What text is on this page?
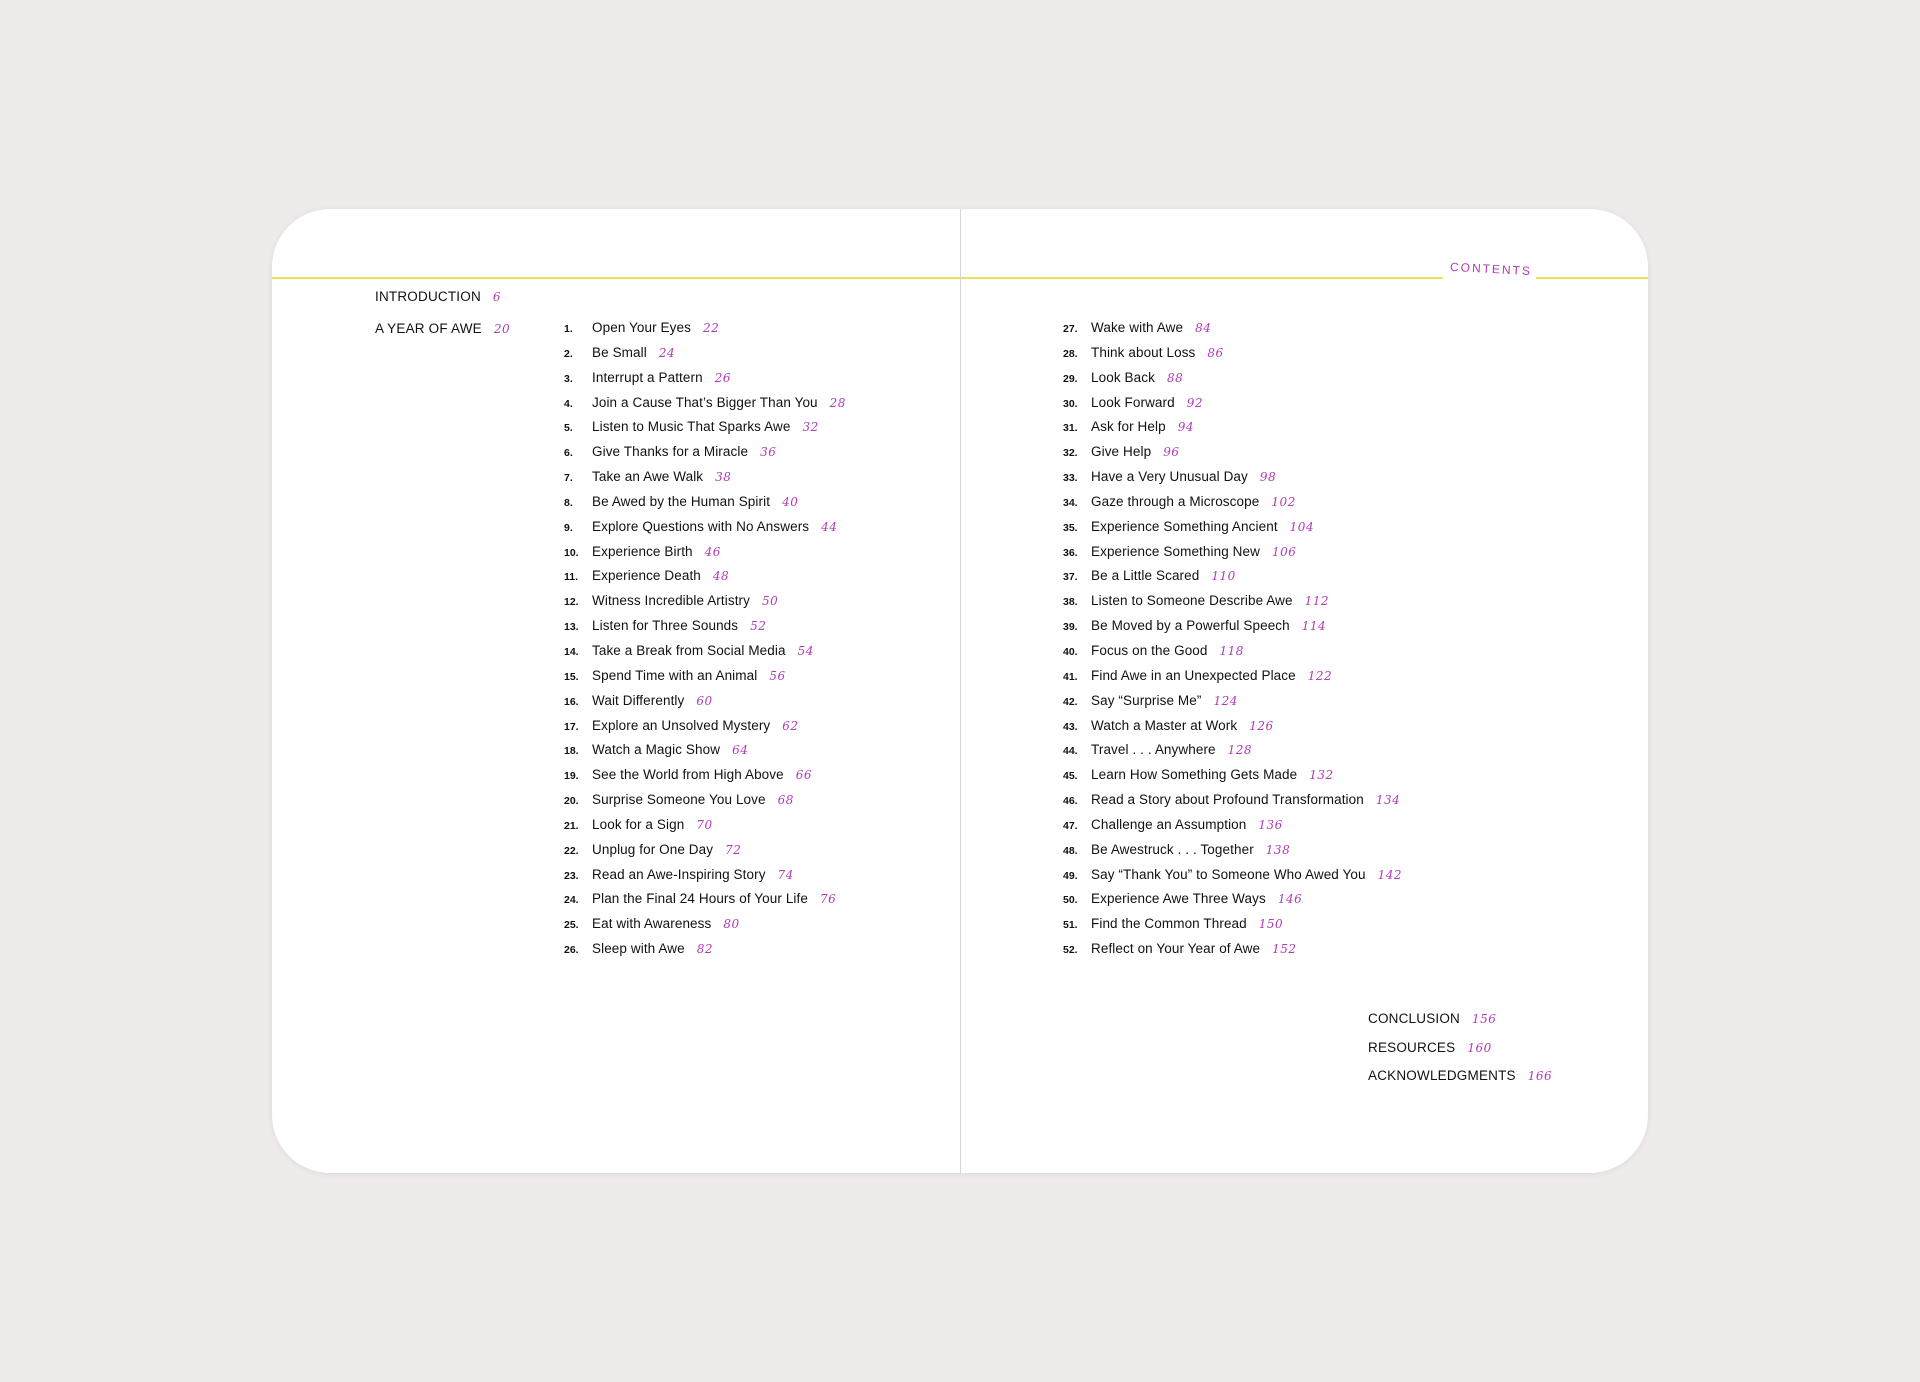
CONTENTS
INTRODUCTION 6
A YEAR OF AWE 20	1. Open Your Eyes 22
2. Be Small 24
3. Interrupt a Pattern 26
4. Join a Cause That’s Bigger Than You 28
5. Listen to Music That Sparks Awe 32
6. Give Thanks for a Miracle 36
7. Take an Awe Walk 38
8. Be Awed by the Human Spirit 40
9. Explore Questions with No Answers 44
10. Experience Birth 46
11. Experience Death 48
12. Witness Incredible Artistry 50
13. Listen for Three Sounds 52
14. Take a Break from Social Media 54
15. Spend Time with an Animal 56
16. Wait Differently 60
17. Explore an Unsolved Mystery 62
18. Watch a Magic Show 64
19. See the World from High Above 66
20. Surprise Someone You Love 68
21. Look for a Sign 70
22. Unplug for One Day 72
23. Read an Awe-Inspiring Story 74
24. Plan the Final 24 Hours of Your Life 76
25. Eat with Awareness 80
26. Sleep with Awe 82
27. Wake with Awe 84
28. Think about Loss 86
29. Look Back 88
30. Look Forward 92
31. Ask for Help 94
32. Give Help 96
33. Have a Very Unusual Day 98
34. Gaze through a Microscope 102
35. Experience Something Ancient 104
36. Experience Something New 106
37. Be a Little Scared 110
38. Listen to Someone Describe Awe 112
39. Be Moved by a Powerful Speech 114
40. Focus on the Good 118
41. Find Awe in an Unexpected Place 122
42. Say “Surprise Me” 124
43. Watch a Master at Work 126
44. Travel . . . Anywhere 128
45. Learn How Something Gets Made 132
46. Read a Story about Profound Transformation 134
47. Challenge an Assumption 136
48. Be Awestruck . . . Together 138
49. Say “Thank You” to Someone Who Awed You 142
50. Experience Awe Three Ways 146
51. Find the Common Thread 150
52. Reflect on Your Year of Awe 152
CONCLUSION 156
RESOURCES 160
ACKNOWLEDGMENTS 166
